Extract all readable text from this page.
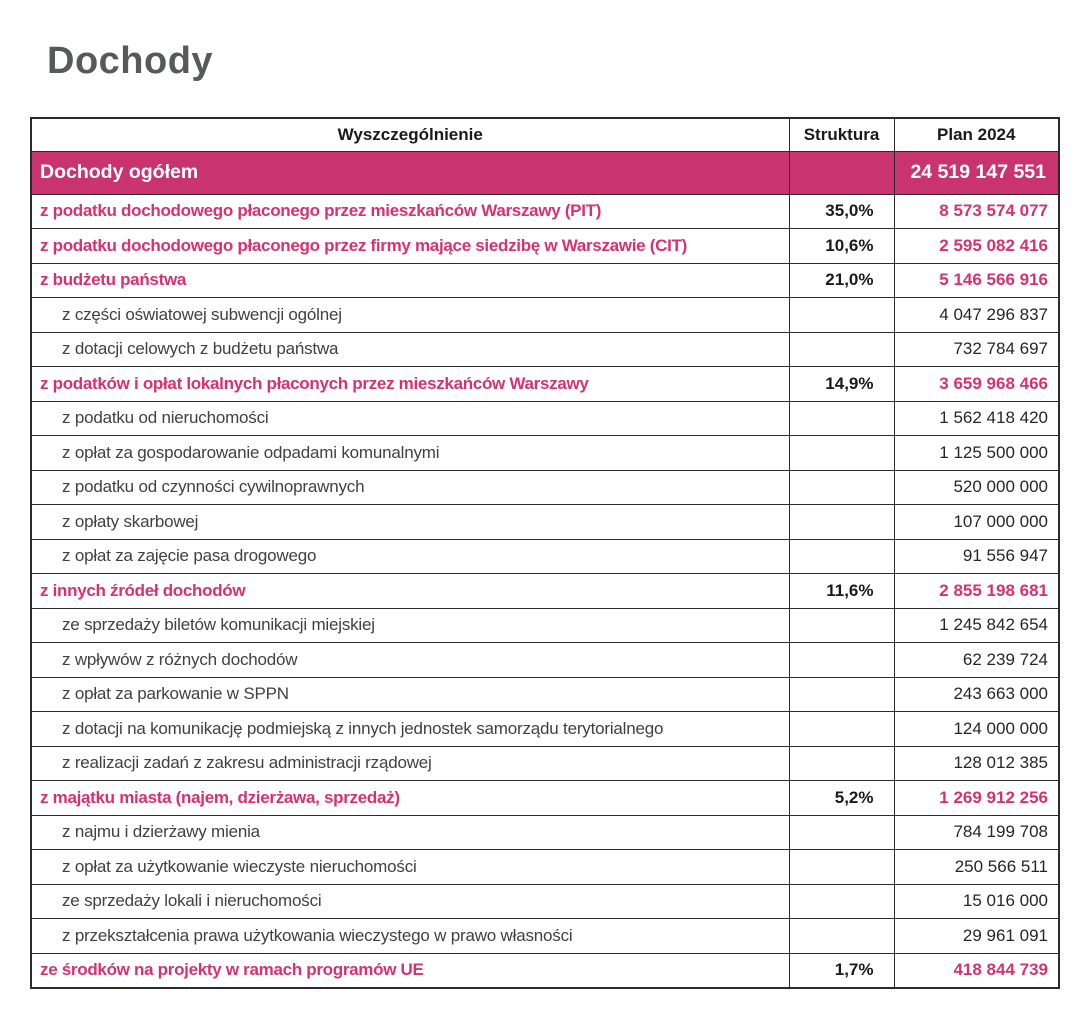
Dochody
Wyszczególnienie	Struktura	Plan 2024
Dochody ogółem		24 519 147 551
z podatku dochodowego płaconego przez mieszkańców Warszawy (PIT)	35,0%	8 573 574 077
z podatku dochodowego płaconego przez firmy mające siedzibę w Warszawie (CIT)	10,6%	2 595 082 416
z budżetu państwa	21,0%	5 146 566 916
z części oświatowej subwencji ogólnej		4 047 296 837
z dotacji celowych z budżetu państwa		732 784 697
z podatków i opłat lokalnych płaconych przez mieszkańców Warszawy	14,9%	3 659 968 466
z podatku od nieruchomości		1 562 418 420
z opłat za gospodarowanie odpadami komunalnymi		1 125 500 000
z podatku od czynności cywilnoprawnych		520 000 000
z opłaty skarbowej		107 000 000
z opłat za zajęcie pasa drogowego		91 556 947
z innych źródeł dochodów	11,6%	2 855 198 681
ze sprzedaży biletów komunikacji miejskiej		1 245 842 654
z wpływów z różnych dochodów		62 239 724
z opłat za parkowanie w SPPN		243 663 000
z dotacji na komunikację podmiejską z innych jednostek samorządu terytorialnego		124 000 000
z realizacji zadań z zakresu administracji rządowej		128 012 385
z majątku miasta (najem, dzierżawa, sprzedaż)	5,2%	1 269 912 256
z najmu i dzierżawy mienia		784 199 708
z opłat za użytkowanie wieczyste nieruchomości		250 566 511
ze sprzedaży lokali i nieruchomości		15 016 000
z przekształcenia prawa użytkowania wieczystego w prawo własności		29 961 091
ze środków na projekty w ramach programów UE	1,7%	418 844 739
